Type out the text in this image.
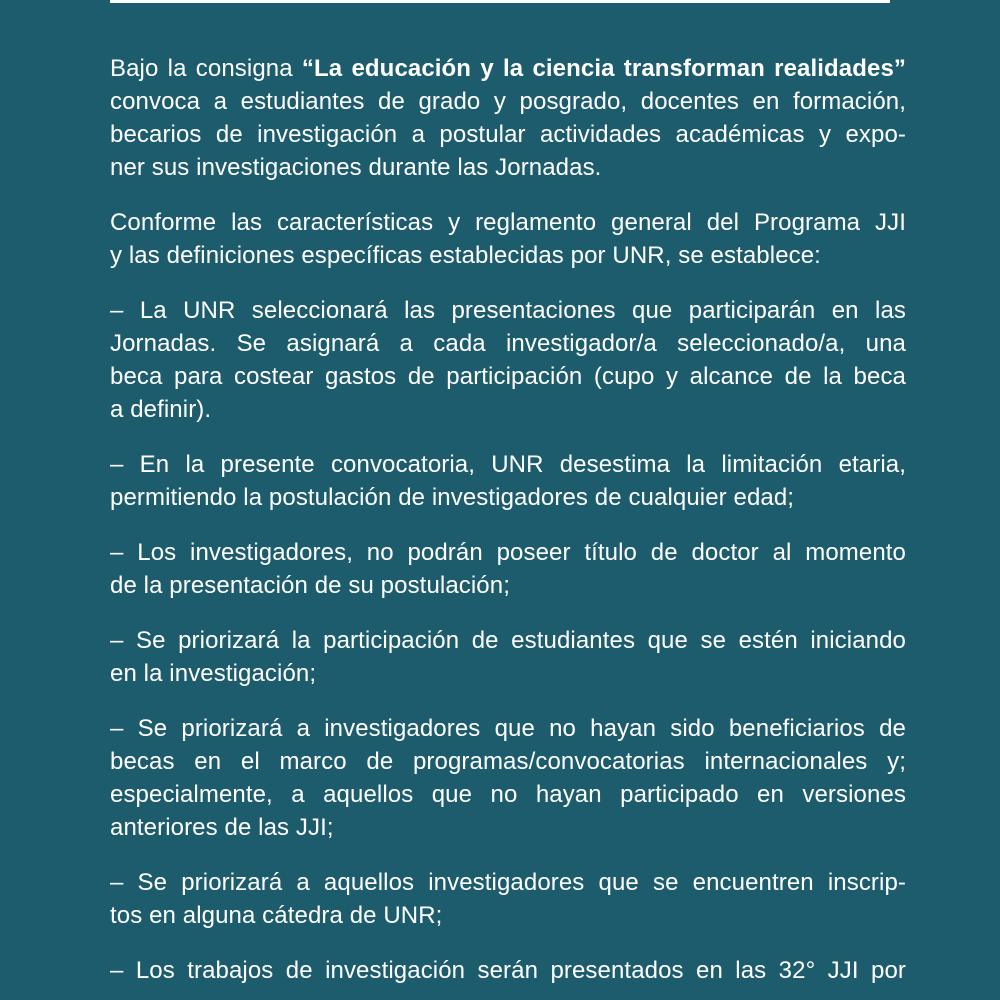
Bajo la consigna “La educación y la ciencia transforman realidades”
convoca a estudiantes de grado y posgrado, docentes en formación,
becarios de investigación a postular actividades académicas y expo-
ner sus investigaciones durante las Jornadas.

Conforme las características y reglamento general del Programa JJI
y las definiciones específicas establecidas por UNR, se establece:

– La UNR seleccionará las presentaciones que participarán en las
Jornadas. Se asignará a cada investigador/a seleccionado/a, una
beca para costear gastos de participación (cupo y alcance de la beca
a definir).

– En la presente convocatoria, UNR desestima la limitación etaria,
permitiendo la postulación de investigadores de cualquier edad;

– Los investigadores, no podrán poseer título de doctor al momento
de la presentación de su postulación;

– Se priorizará la participación de estudiantes que se estén iniciando
en la investigación;

– Se priorizará a investigadores que no hayan sido beneficiarios de
becas en el marco de programas/convocatorias internacionales y;
especialmente, a aquellos que no hayan participado en versiones
anteriores de las JJI;

– Se priorizará a aquellos investigadores que se encuentren inscrip-
tos en alguna cátedra de UNR;

– Los trabajos de investigación serán presentados en las 32° JJI por
